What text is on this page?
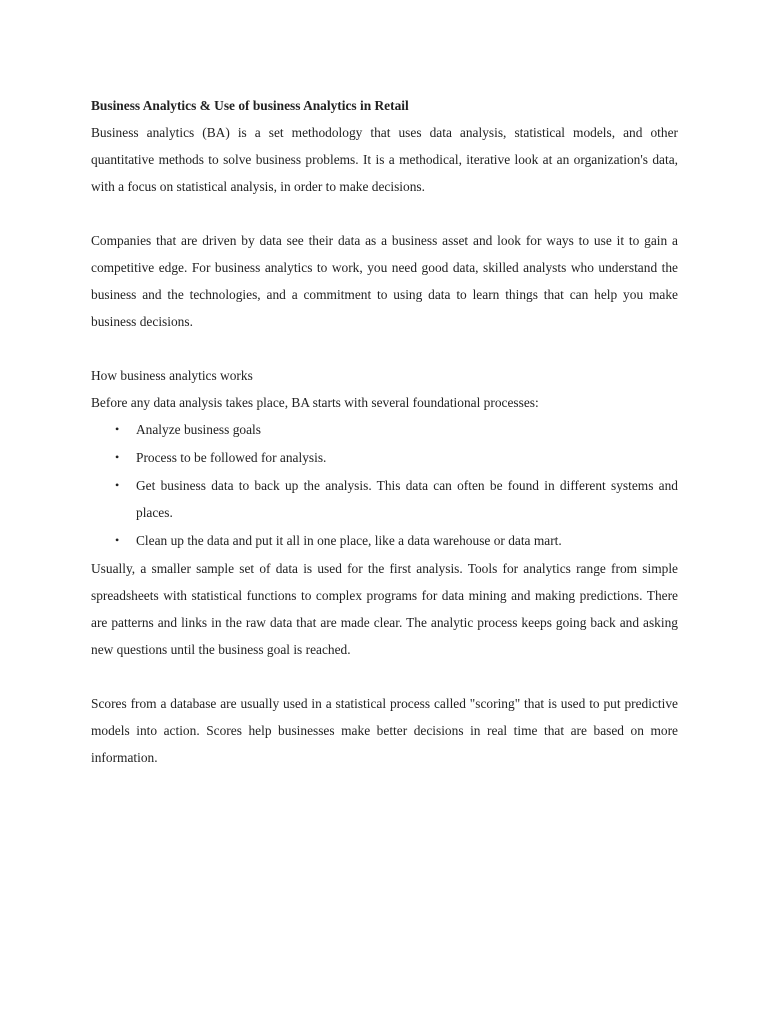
Business Analytics & Use of business Analytics in Retail

Business analytics (BA) is a set methodology that uses data analysis, statistical models, and other quantitative methods to solve business problems. It is a methodical, iterative look at an organization's data, with a focus on statistical analysis, in order to make decisions.

Companies that are driven by data see their data as a business asset and look for ways to use it to gain a competitive edge. For business analytics to work, you need good data, skilled analysts who understand the business and the technologies, and a commitment to using data to learn things that can help you make business decisions.

How business analytics works

Before any data analysis takes place, BA starts with several foundational processes:

• Analyze business goals
• Process to be followed for analysis.
• Get business data to back up the analysis. This data can often be found in different systems and places.
• Clean up the data and put it all in one place, like a data warehouse or data mart.

Usually, a smaller sample set of data is used for the first analysis. Tools for analytics range from simple spreadsheets with statistical functions to complex programs for data mining and making predictions. There are patterns and links in the raw data that are made clear. The analytic process keeps going back and asking new questions until the business goal is reached.

Scores from a database are usually used in a statistical process called "scoring" that is used to put predictive models into action. Scores help businesses make better decisions in real time that are based on more information.
